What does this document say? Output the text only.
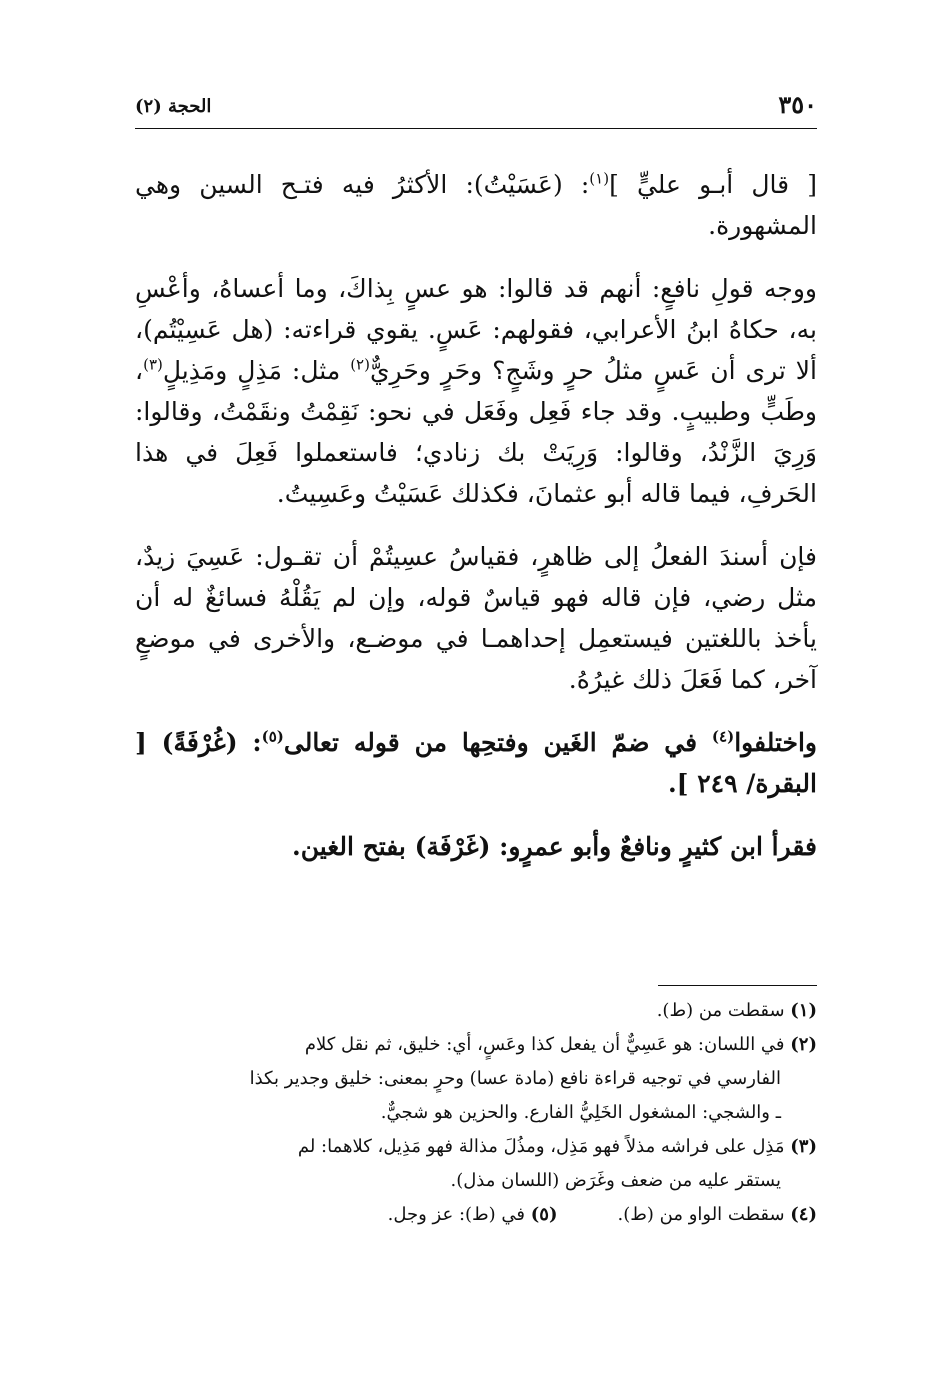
٣٥٠
الحجة (٢)

[ قال أبـو عليٍّ ]$^{(١)}$: (عَسَيْتُ): الأكثرُ فيه فتـح السين وهي المشهورة.

ووجه قولِ نافعٍ: أنهم قد قالوا: هو عسٍ بِذاكَ، وما أعساهُ، وأعْسِ به، حكاهُ ابنُ الأعرابي، فقولهم: عَسٍ. يقوي قراءته: (هل عَسِيْتُم)، ألا ترى أن عَسٍ مثلُ حرٍ وشَجٍ؟ وحَرٍ وحَرِيٌّ$^{(٢)}$ مثل: مَذِلٍ ومَذِيلٍ$^{(٣)}$، وطَبٍّ وطبيبٍ. وقد جاء فَعِل وفَعَل في نحو: نَقِمْتُ ونقَمْتُ، وقالوا: وَرِيَ الزَّنْدُ، وقالوا: وَرِيَتْ بك زنادي؛ فاستعملوا فَعِلَ في هذا الحَرفِ، فيما قاله أبو عثمانَ، فكذلك عَسَيْتُ وعَسِيتُ.

فإن أسندَ الفعلُ إلى ظاهرٍ، فقياسُ عسِيتُمْ أن تقـول: عَسِيَ زيدٌ، مثل رضي، فإن قاله فهو قياسٌ قوله، وإن لم يَقُلْهُ فسائغٌ له أن يأخذ باللغتين فيستعمِل إحداهمـا في موضـع، والأخرى في موضعٍ آخر، كما فَعَلَ ذلك غيرُهُ.

واختلفوا$^{(٤)}$ في ضمّ الغَين وفتحِها من قوله تعالى$^{(٥)}$: (غُرْفَةً) [ البقرة/ ٢٤٩ ].

فقرأ ابن كثيرٍ ونافعٌ وأبو عمرٍو: (غَرْفَة) بفتح الغين.

(١) سقطت من (ط).

(٢) في اللسان: هو عَسِيٌّ أن يفعل كذا وعَسٍ، أي: خليق، ثم نقل كلام

الفارسي في توجيه قراءة نافع (مادة عسا) وحرٍ بمعنى: خليق وجدير بكذا

ـ والشجي: المشغول الخَلِيُّ الفارع. والحزين هو شجيٌّ.

(٣) مَذِل على فراشه مذلاً فهو مَذِل، ومذُلَ مذالة فهو مَذِيل، كلاهما: لم

يستقر عليه من ضعف وغَرَض (اللسان مذل).

(٤) سقطت الواو من (ط).

(٥) في (ط): عز وجل.
